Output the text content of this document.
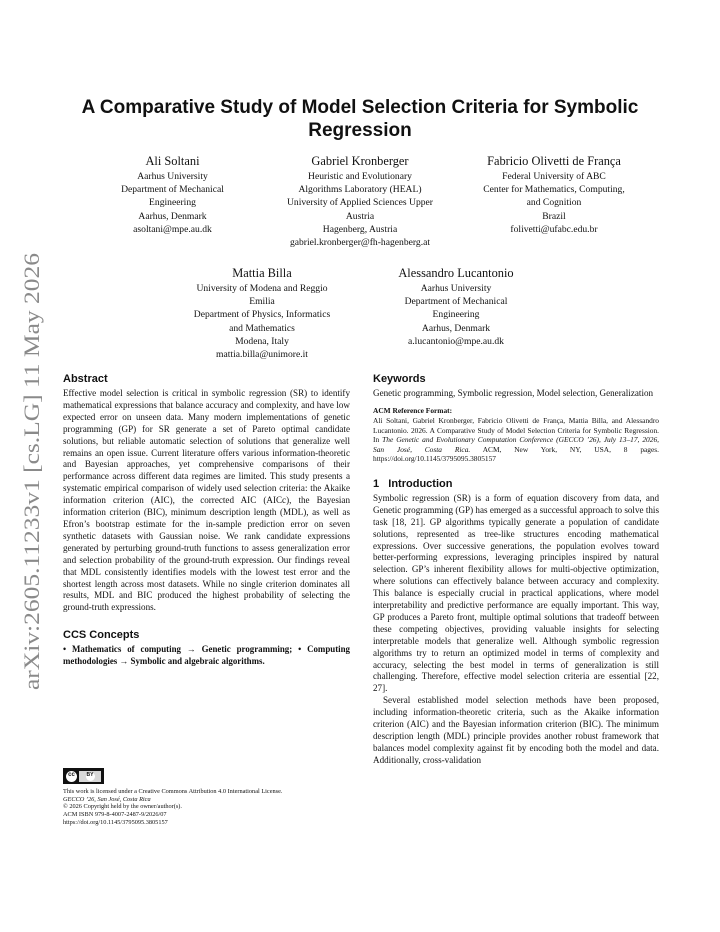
arXiv:2605.11233v1 [cs.LG] 11 May 2026
A Comparative Study of Model Selection Criteria for Symbolic Regression
Ali Soltani
Aarhus University
Department of Mechanical
Engineering
Aarhus, Denmark
asoltani@mpe.au.dk
Gabriel Kronberger
Heuristic and Evolutionary
Algorithms Laboratory (HEAL)
University of Applied Sciences Upper
Austria
Hagenberg, Austria
gabriel.kronberger@fh-hagenberg.at
Fabricio Olivetti de França
Federal University of ABC
Center for Mathematics, Computing,
and Cognition
Brazil
folivetti@ufabc.edu.br
Mattia Billa
University of Modena and Reggio
Emilia
Department of Physics, Informatics
and Mathematics
Modena, Italy
mattia.billa@unimore.it
Alessandro Lucantonio
Aarhus University
Department of Mechanical
Engineering
Aarhus, Denmark
a.lucantonio@mpe.au.dk
Abstract

Effective model selection is critical in symbolic regression (SR) to identify mathematical expressions that balance accuracy and complexity, and have low expected error on unseen data. Many modern implementations of genetic programming (GP) for SR generate a set of Pareto optimal candidate solutions, but reliable automatic selection of solutions that generalize well remains an open issue. Current literature offers various information-theoretic and Bayesian approaches, yet comprehensive comparisons of their performance across different data regimes are limited. This study presents a systematic empirical comparison of widely used selection criteria: the Akaike information criterion (AIC), the corrected AIC (AICc), the Bayesian information criterion (BIC), minimum description length (MDL), as well as Efron’s bootstrap estimate for the in-sample prediction error on seven synthetic datasets with Gaussian noise. We rank candidate expressions generated by perturbing ground-truth functions to assess generalization error and selection probability of the ground-truth expression. Our findings reveal that MDL consistently identifies models with the lowest test error and the shortest length across most datasets. While no single criterion dominates all results, MDL and BIC produced the highest probability of selecting the ground-truth expressions.

CCS Concepts

• Mathematics of computing → Genetic programming; • Computing methodologies → Symbolic and algebraic algorithms.

cc	BY
This work is licensed under a Creative Commons Attribution 4.0 International License.
GECCO ’26, San José, Costa Rica
© 2026 Copyright held by the owner/author(s).
ACM ISBN 979-8-4007-2487-9/2026/07
https://doi.org/10.1145/3795095.3805157
Keywords

Genetic programming, Symbolic regression, Model selection, Generalization

ACM Reference Format:

Ali Soltani, Gabriel Kronberger, Fabricio Olivetti de França, Mattia Billa, and Alessandro Lucantonio. 2026. A Comparative Study of Model Selection Criteria for Symbolic Regression. In The Genetic and Evolutionary Computation Conference (GECCO ’26), July 13–17, 2026, San José, Costa Rica. ACM, New York, NY, USA, 8 pages. https://doi.org/10.1145/3795095.3805157

1   Introduction

Symbolic regression (SR) is a form of equation discovery from data, and Genetic programming (GP) has emerged as a successful approach to solve this task [18, 21]. GP algorithms typically generate a population of candidate solutions, represented as tree-like structures encoding mathematical expressions. Over successive generations, the population evolves toward better-performing expressions, leveraging principles inspired by natural selection. GP’s inherent flexibility allows for multi-objective optimization, where solutions can effectively balance between accuracy and complexity. This balance is especially crucial in practical applications, where model interpretability and predictive performance are equally important. This way, GP produces a Pareto front, multiple optimal solutions that tradeoff between these competing objectives, providing valuable insights for selecting interpretable models that generalize well. Although symbolic regression algorithms try to return an optimized model in terms of complexity and accuracy, selecting the best model in terms of generalization is still challenging. Therefore, effective model selection criteria are essential [22, 27].

Several established model selection methods have been proposed, including information-theoretic criteria, such as the Akaike information criterion (AIC) and the Bayesian information criterion (BIC). The minimum description length (MDL) principle provides another robust framework that balances model complexity against fit by encoding both the model and data. Additionally, cross-validation
